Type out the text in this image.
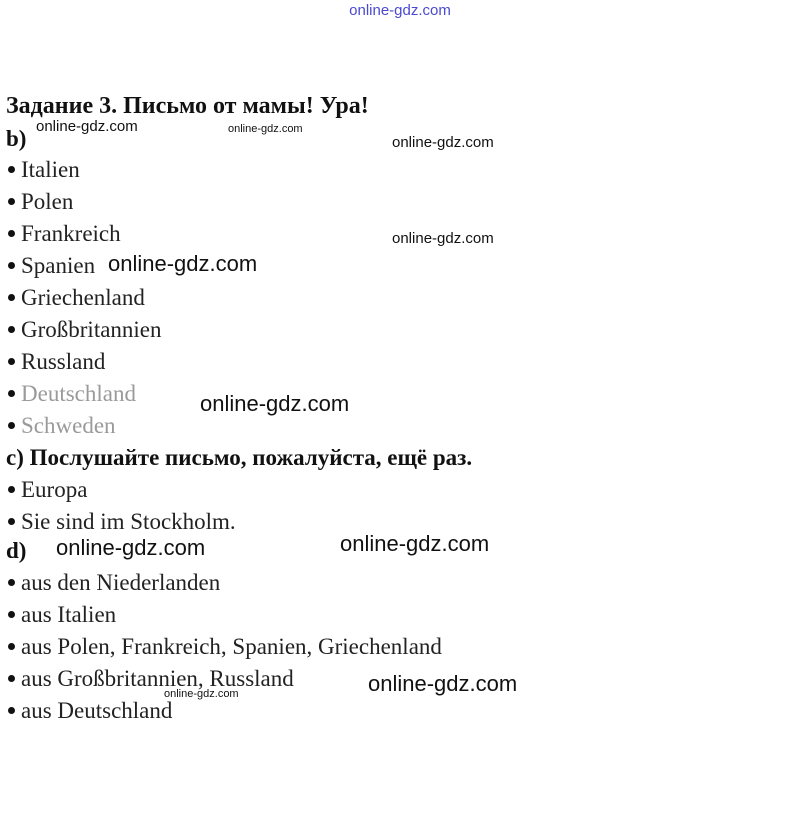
online-gdz.com
Задание 3. Письмо от мамы! Ура!
b)
Italien
Polen
Frankreich
Spanien
Griechenland
Großbritannien
Russland
Deutschland
Schweden
c) Послушайте письмо, пожалуйста, ещё раз.
Europa
Sie sind im Stockholm.
d)
aus den Niederlanden
aus Italien
aus Polen, Frankreich, Spanien, Griechenland
aus Großbritannien, Russland
aus Deutschland
online-gdz.com	online-gdz.com
online-gdz.com
online-gdz.com
online-gdz.com
online-gdz.com
online-gdz.com	online-gdz.com
online-gdz.com
online-gdz.com
